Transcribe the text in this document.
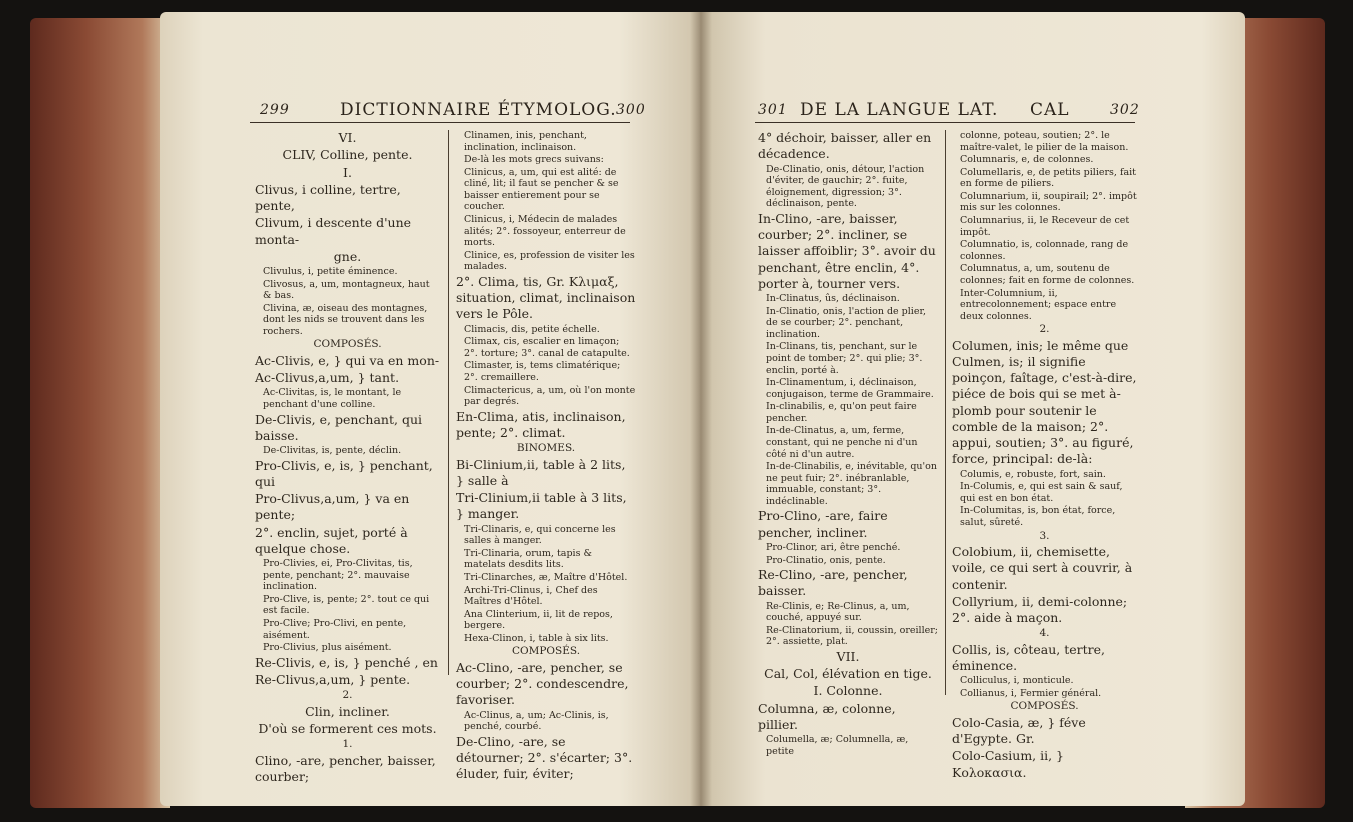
299	DICTIONNAIRE ÉTYMOLOG. 300

VI.

CLIV, Colline, pente.

I.

Clivus, i colline, tertre, pente,

Clivum, i descente d'une monta-

gne.

Clivulus, i, petite éminence.

Clivosus, a, um, montagneux, haut & bas.

Clivina, æ, oiseau des montagnes, dont les nids se trouvent dans les rochers.

COMPOSÉS.

Ac-Clivis, e, } qui va en mon-

Ac-Clivus,a,um, } tant.

Ac-Clivitas, is, le montant, le penchant d'une colline.

De-Clivis, e, penchant, qui baisse.

De-Clivitas, is, pente, déclin.

Pro-Clivis, e, is, } penchant, qui

Pro-Clivus,a,um, } va en pente;

2°. enclin, sujet, porté à quelque chose.

Pro-Clivies, ei, Pro-Clivitas, tis, pente, penchant; 2°. mauvaise inclination.

Pro-Clive, is, pente; 2°. tout ce qui est facile.

Pro-Clive; Pro-Clivi, en pente, aisément.

Pro-Clivius, plus aisément.

Re-Clivis, e, is, } penché , en

Re-Clivus,a,um, } pente.

2.

Clin, incliner.

D'où se formerent ces mots.

1.

Clino, -are, pencher, baisser, courber;

Clinamen, inis, penchant, inclination, inclinaison.

De-là les mots grecs suivans:

Clinicus, a, um, qui est alité: de cliné, lit; il faut se pencher & se baisser entierement pour se coucher.

Clinicus, i, Médecin de malades alités; 2°. fossoyeur, enterreur de morts.

Clinice, es, profession de visiter les malades.

2°. Clima, tis, Gr. Κλιμαξ, situation, climat, inclinaison vers le Pôle.

Climacis, dis, petite échelle.

Climax, cis, escalier en limaçon; 2°. torture; 3°. canal de catapulte.

Climaster, is, tems climatérique; 2°. cremaillere.

Climactericus, a, um, où l'on monte par degrés.

En-Clima, atis, inclinaison, pente; 2°. climat.

BINOMES.

Bi-Clinium,ii, table à 2 lits, } salle à

Tri-Clinium,ii table à 3 lits, } manger.

Tri-Clinaris, e, qui concerne les salles à manger.

Tri-Clinaria, orum, tapis & matelats desdits lits.

Tri-Clinarches, æ, Maître d'Hôtel.

Archi-Tri-Clinus, i, Chef des Maîtres d'Hôtel.

Ana Clinterium, ii, lit de repos, bergere.

Hexa-Clinon, i, table à six lits.

COMPOSÉS.

Ac-Clino, -are, pencher, se courber; 2°. condescendre, favoriser.

Ac-Clinus, a, um; Ac-Clinis, is, penché, courbé.

De-Clino, -are, se détourner; 2°. s'écarter; 3°. éluder, fuir, éviter;

301 DE LA LANGUE LAT. CAL	302

4° déchoir, baisser, aller en décadence.

De-Clinatio, onis, détour, l'action d'éviter, de gauchir; 2°. fuite, éloignement, digression; 3°. déclinaison, pente.

In-Clino, -are, baisser, courber; 2°. incliner, se laisser affoiblir; 3°. avoir du penchant, être enclin, 4°. porter à, tourner vers.

In-Clinatus, ûs, déclinaison.

In-Clinatio, onis, l'action de plier, de se courber; 2°. penchant, inclination.

In-Clinans, tis, penchant, sur le point de tomber; 2°. qui plie; 3°. enclin, porté à.

In-Clinamentum, i, déclinaison, conjugaison, terme de Grammaire.

In-clinabilis, e, qu'on peut faire pencher.

In-de-Clinatus, a, um, ferme, constant, qui ne penche ni d'un côté ni d'un autre.

In-de-Clinabilis, e, inévitable, qu'on ne peut fuir; 2°. inébranlable, immuable, constant; 3°. indéclinable.

Pro-Clino, -are, faire pencher, incliner.

Pro-Clinor, ari, être penché.

Pro-Clinatio, onis, pente.

Re-Clino, -are, pencher, baisser.

Re-Clinis, e; Re-Clinus, a, um, couché, appuyé sur.

Re-Clinatorium, ii, coussin, oreiller; 2°. assiette, plat.

VII.

Cal, Col, élévation en tige.

I. Colonne.

Columna, æ, colonne, pillier.

Columella, æ; Columnella, æ, petite

colonne, poteau, soutien; 2°. le maître-valet, le pilier de la maison.

Columnaris, e, de colonnes.

Columellaris, e, de petits piliers, fait en forme de piliers.

Columnarium, ii, soupirail; 2°. impôt mis sur les colonnes.

Columnarius, ii, le Receveur de cet impôt.

Columnatio, is, colonnade, rang de colonnes.

Columnatus, a, um, soutenu de colonnes; fait en forme de colonnes.

Inter-Columnium, ii, entrecolonnement; espace entre deux colonnes.

2.

Columen, inis; le même que Culmen, is; il signifie poinçon, faîtage, c'est-à-dire, piéce de bois qui se met à-plomb pour soutenir le comble de la maison; 2°. appui, soutien; 3°. au figuré, force, principal: de-là:

Columis, e, robuste, fort, sain.

In-Columis, e, qui est sain & sauf, qui est en bon état.

In-Columitas, is, bon état, force, salut, sûreté.

3.

Colobium, ii, chemisette, voile, ce qui sert à couvrir, à contenir.

Collyrium, ii, demi-colonne; 2°. aide à maçon.

4.

Collis, is, côteau, tertre, éminence.

Colliculus, i, monticule.

Collianus, i, Fermier général.

COMPOSÉS.

Colo-Casia, æ, } féve d'Egypte. Gr.

Colo-Casium, ii, } Κολοκασια.
